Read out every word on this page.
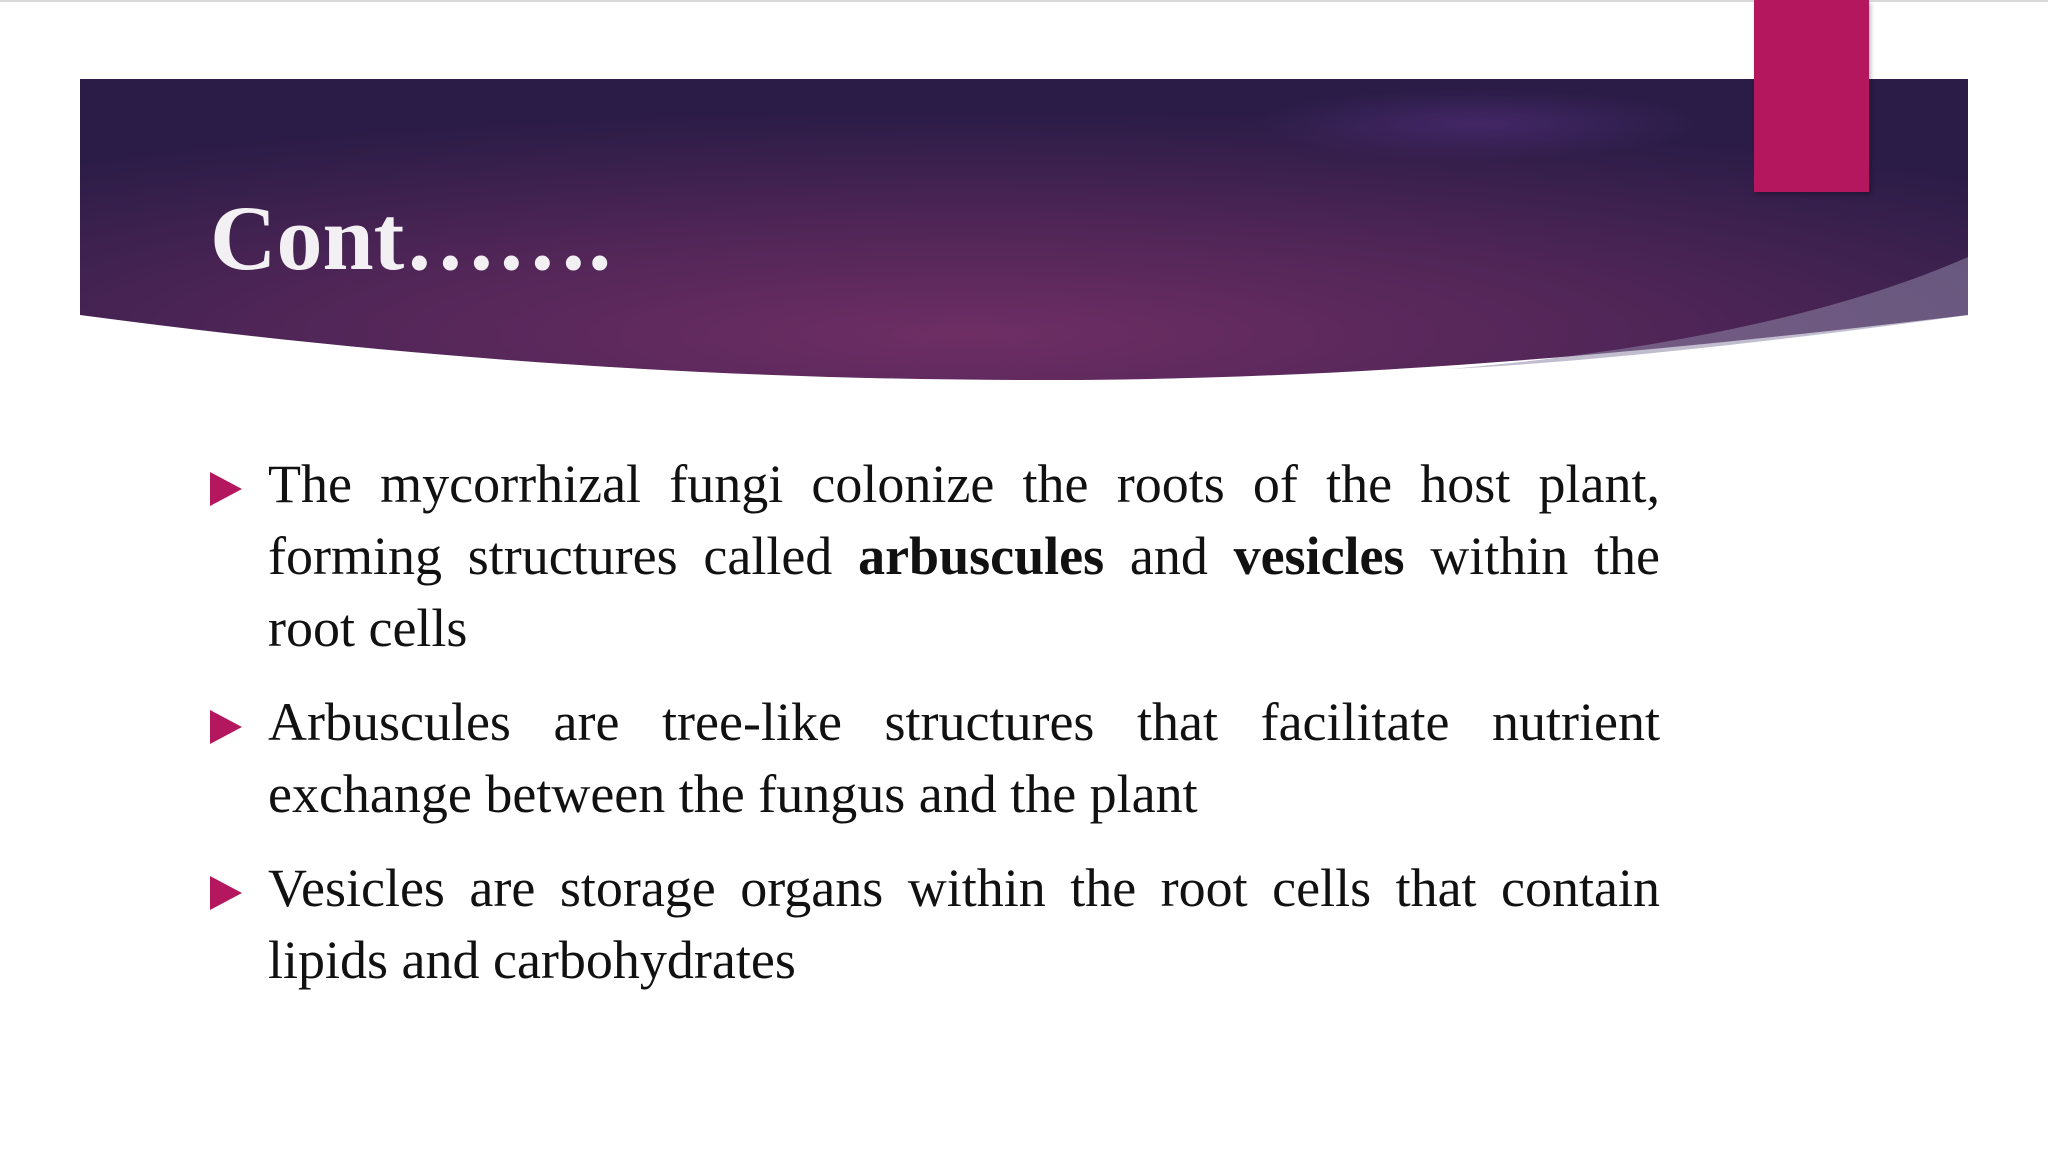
Cont…….
The mycorrhizal fungi colonize the roots of the host plant, forming structures called arbuscules and vesicles within the root cells
Arbuscules are tree-like structures that facilitate nutrient exchange between the fungus and the plant
Vesicles are storage organs within the root cells that contain lipids and carbohydrates
